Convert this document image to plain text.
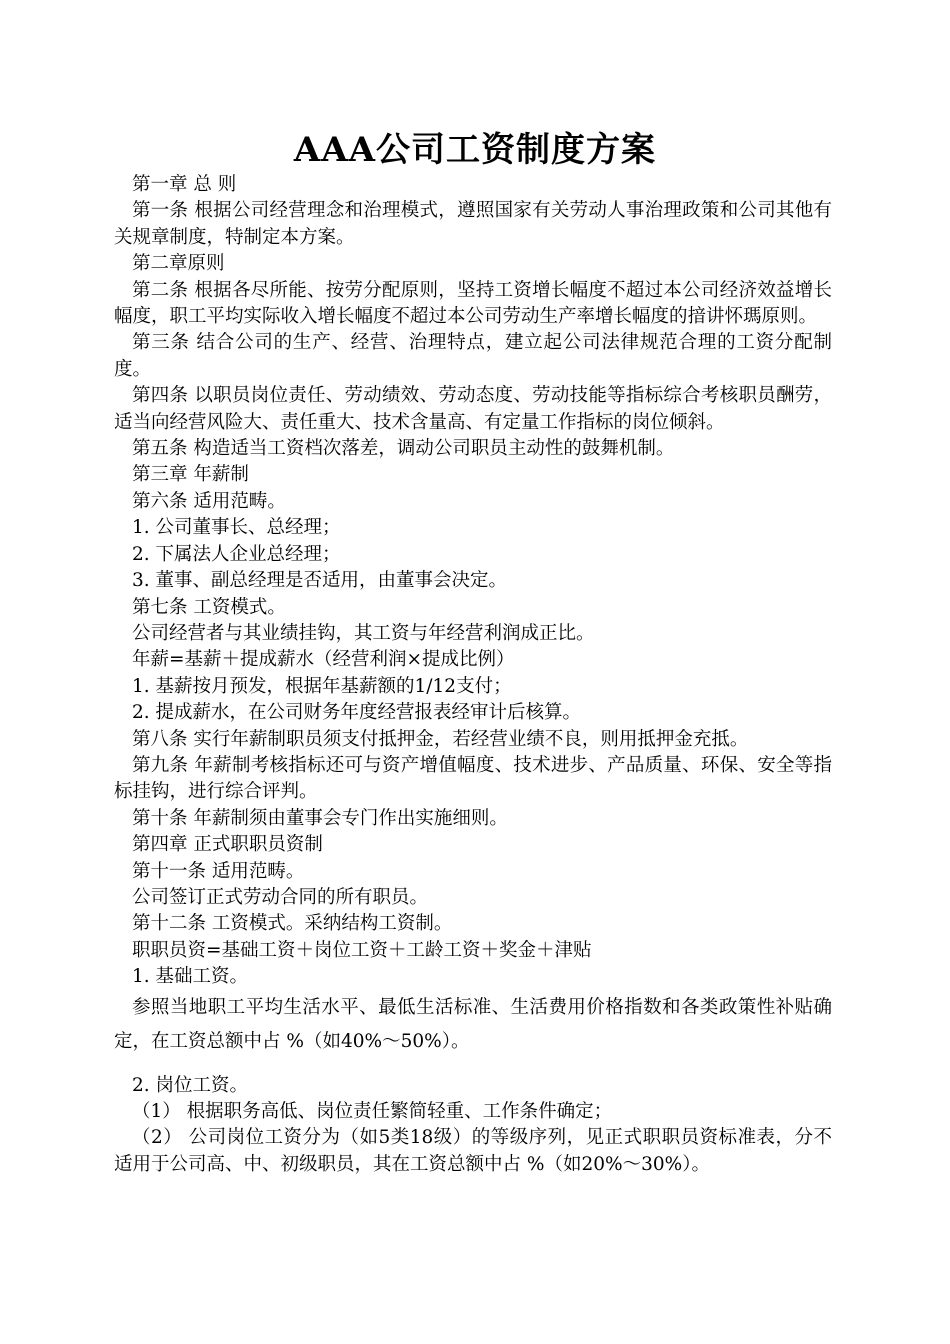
AAA公司工资制度方案

第一章 总 则

第一条 根据公司经营理念和治理模式，遵照国家有关劳动人事治理政策和公司其他有关规章制度，特制定本方案。

第二章原则

第二条 根据各尽所能、按劳分配原则，坚持工资增长幅度不超过本公司经济效益增长幅度，职工平均实际收入增长幅度不超过本公司劳动生产率增长幅度的揞讲怀瑪原则。

第三条 结合公司的生产、经营、治理特点，建立起公司法律规范合理的工资分配制度。

第四条 以职员岗位责任、劳动绩效、劳动态度、劳动技能等指标综合考核职员酬劳，适当向经营风险大、责任重大、技术含量高、有定量工作指标的岗位倾斜。

第五条 构造适当工资档次落差，调动公司职员主动性的鼓舞机制。

第三章 年薪制

第六条 适用范畴。

1. 公司董事长、总经理；

2. 下属法人企业总经理；

3. 董事、副总经理是否适用，由董事会决定。

第七条 工资模式。

公司经营者与其业绩挂钩，其工资与年经营利润成正比。

年薪=基薪＋提成薪水（经营利润×提成比例）

1. 基薪按月预发，根据年基薪额的1/12支付；

2. 提成薪水，在公司财务年度经营报表经审计后核算。

第八条 实行年薪制职员须支付抵押金，若经营业绩不良，则用抵押金充抵。

第九条 年薪制考核指标还可与资产增值幅度、技术进步、产品质量、环保、安全等指标挂钩，进行综合评判。

第十条 年薪制须由董事会专门作出实施细则。

第四章 正式职职员资制

第十一条 适用范畴。

公司签订正式劳动合同的所有职员。

第十二条 工资模式。采纳结构工资制。

职职员资=基础工资＋岗位工资＋工龄工资＋奖金＋津贴

1. 基础工资。

参照当地职工平均生活水平、最低生活标准、生活费用价格指数和各类政策性补贴确定，在工资总额中占 %（如40%～50%）。

2. 岗位工资。

（1） 根据职务高低、岗位责任繁简轻重、工作条件确定；

（2） 公司岗位工资分为（如5类18级）的等级序列，见正式职职员资标准表，分不适用于公司高、中、初级职员，其在工资总额中占 %（如20%～30%）。
